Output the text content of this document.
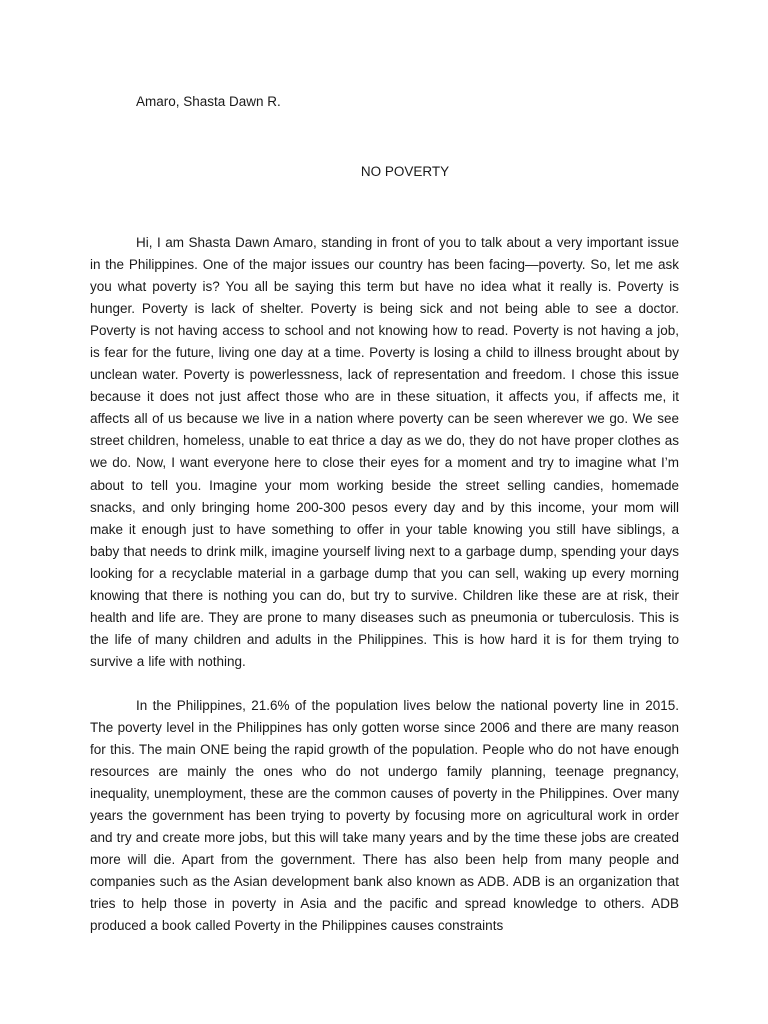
Amaro, Shasta Dawn R.
NO POVERTY

Hi, I am Shasta Dawn Amaro, standing in front of you to talk about a very important issue in the Philippines. One of the major issues our country has been facing—poverty. So, let me ask you what poverty is? You all be saying this term but have no idea what it really is. Poverty is hunger. Poverty is lack of shelter. Poverty is being sick and not being able to see a doctor. Poverty is not having access to school and not knowing how to read. Poverty is not having a job, is fear for the future, living one day at a time. Poverty is losing a child to illness brought about by unclean water. Poverty is powerlessness, lack of representation and freedom. I chose this issue because it does not just affect those who are in these situation, it affects you, if affects me, it affects all of us because we live in a nation where poverty can be seen wherever we go. We see street children, homeless, unable to eat thrice a day as we do, they do not have proper clothes as we do. Now, I want everyone here to close their eyes for a moment and try to imagine what I’m about to tell you. Imagine your mom working beside the street selling candies, homemade snacks, and only bringing home 200-300 pesos every day and by this income, your mom will make it enough just to have something to offer in your table knowing you still have siblings, a baby that needs to drink milk, imagine yourself living next to a garbage dump, spending your days looking for a recyclable material in a garbage dump that you can sell, waking up every morning knowing that there is nothing you can do, but try to survive. Children like these are at risk, their health and life are. They are prone to many diseases such as pneumonia or tuberculosis. This is the life of many children and adults in the Philippines. This is how hard it is for them trying to survive a life with nothing.

In the Philippines, 21.6% of the population lives below the national poverty line in 2015. The poverty level in the Philippines has only gotten worse since 2006 and there are many reason for this. The main ONE being the rapid growth of the population. People who do not have enough resources are mainly the ones who do not undergo family planning, teenage pregnancy, inequality, unemployment, these are the common causes of poverty in the Philippines. Over many years the government has been trying to poverty by focusing more on agricultural work in order and try and create more jobs, but this will take many years and by the time these jobs are created more will die. Apart from the government. There has also been help from many people and companies such as the Asian development bank also known as ADB. ADB is an organization that tries to help those in poverty in Asia and the pacific and spread knowledge to others. ADB produced a book called Poverty in the Philippines causes constraints
